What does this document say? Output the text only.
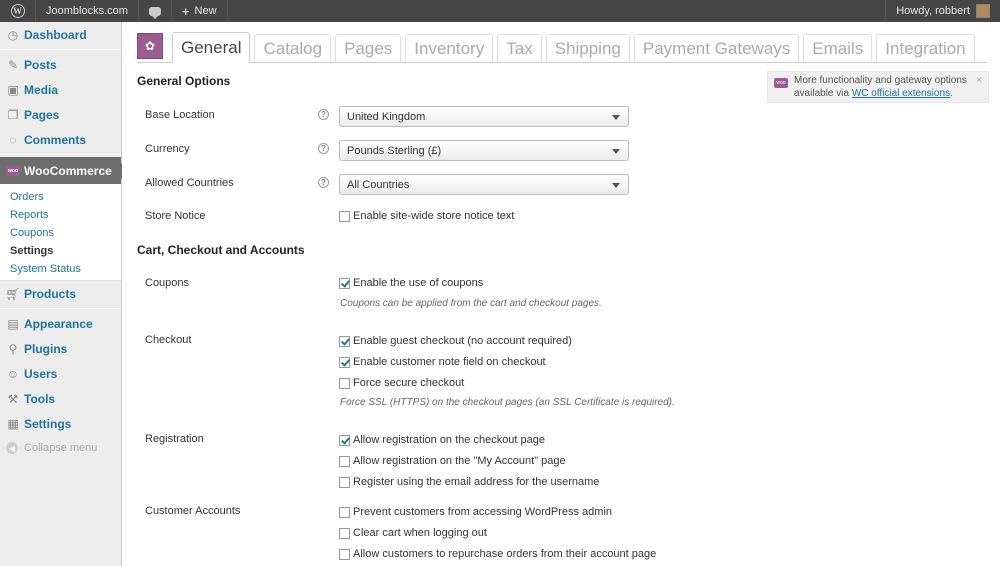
W	Joomblocks.com	+ New	Howdy, robbert
◷ Dashboard
✎ Posts
▣ Media
❐ Pages
◌ Comments
woo WooCommerce
Orders
Reports
Coupons
Settings
System Status
🛒︎ Products
▤ Appearance
⚲ Plugins
☺ Users
⚒ Tools
▦ Settings
◀ Collapse menu
✿	General	Catalog	Pages	Inventory	Tax	Shipping	Payment Gateways	Emails	Integration
woo More functionality and gateway options available via WC official extensions.
×
General Options
Base Location	? United Kingdom
Currency	? Pounds Sterling (£)
Allowed Countries	? All Countries
Store Notice	Enable site-wide store notice text
Cart, Checkout and Accounts
Coupons	Enable the use of coupons
Coupons can be applied from the cart and checkout pages.
Checkout	Enable guest checkout (no account required)
Enable customer note field on checkout
Force secure checkout
Force SSL (HTTPS) on the checkout pages (an SSL Certificate is required).
Registration	Allow registration on the checkout page
Allow registration on the "My Account" page
Register using the email address for the username
Customer Accounts	Prevent customers from accessing WordPress admin
Clear cart when logging out
Allow customers to repurchase orders from their account page
